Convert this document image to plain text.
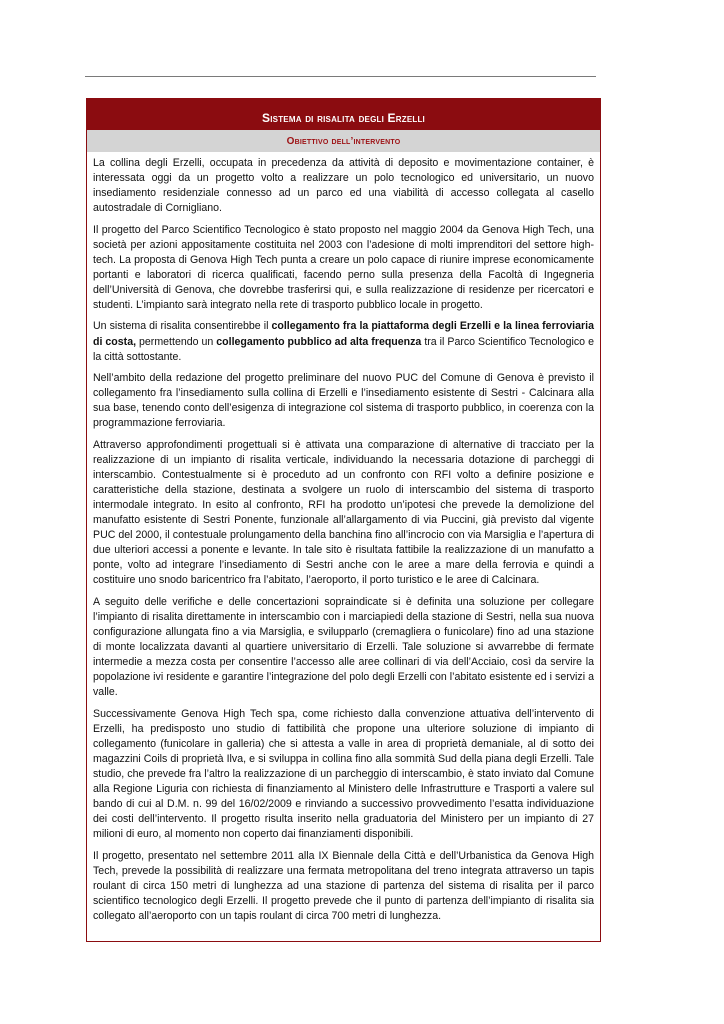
Sistema di risalita degli Erzelli
Obiettivo dell’intervento

La collina degli Erzelli, occupata in precedenza da attività di deposito e movimentazione container, è interessata oggi da un progetto volto a realizzare un polo tecnologico ed universitario, un nuovo insediamento residenziale connesso ad un parco ed una viabilità di accesso collegata al casello autostradale di Cornigliano.

Il progetto del Parco Scientifico Tecnologico è stato proposto nel maggio 2004 da Genova High Tech, una società per azioni appositamente costituita nel 2003 con l’adesione di molti imprenditori del settore high-tech. La proposta di Genova High Tech punta a creare un polo capace di riunire imprese economicamente portanti e laboratori di ricerca qualificati, facendo perno sulla presenza della Facoltà di Ingegneria dell’Università di Genova, che dovrebbe trasferirsi qui, e sulla realizzazione di residenze per ricercatori e studenti. L’impianto sarà integrato nella rete di trasporto pubblico locale in progetto.

Un sistema di risalita consentirebbe il collegamento fra la piattaforma degli Erzelli e la linea ferroviaria di costa, permettendo un collegamento pubblico ad alta frequenza tra il Parco Scientifico Tecnologico e la città sottostante.

Nell’ambito della redazione del progetto preliminare del nuovo PUC del Comune di Genova è previsto il collegamento fra l’insediamento sulla collina di Erzelli e l’insediamento esistente di Sestri - Calcinara alla sua base, tenendo conto dell’esigenza di integrazione col sistema di trasporto pubblico, in coerenza con la programmazione ferroviaria.

Attraverso approfondimenti progettuali si è attivata una comparazione di alternative di tracciato per la realizzazione di un impianto di risalita verticale, individuando la necessaria dotazione di parcheggi di interscambio. Contestualmente si è proceduto ad un confronto con RFI volto a definire posizione e caratteristiche della stazione, destinata a svolgere un ruolo di interscambio del sistema di trasporto intermodale integrato. In esito al confronto, RFI ha prodotto un’ipotesi che prevede la demolizione del manufatto esistente di Sestri Ponente, funzionale all’allargamento di via Puccini, già previsto dal vigente PUC del 2000, il contestuale prolungamento della banchina fino all’incrocio con via Marsiglia e l’apertura di due ulteriori accessi a ponente e levante. In tale sito è risultata fattibile la realizzazione di un manufatto a ponte, volto ad integrare l’insediamento di Sestri anche con le aree a mare della ferrovia e quindi a costituire uno snodo baricentrico fra l’abitato, l’aeroporto, il porto turistico e le aree di Calcinara.

A seguito delle verifiche e delle concertazioni sopraindicate si è definita una soluzione per collegare l’impianto di risalita direttamente in interscambio con i marciapiedi della stazione di Sestri, nella sua nuova configurazione allungata fino a via Marsiglia, e svilupparlo (cremagliera o funicolare) fino ad una stazione di monte localizzata davanti al quartiere universitario di Erzelli. Tale soluzione si avvarrebbe di fermate intermedie a mezza costa per consentire l’accesso alle aree collinari di via dell’Acciaio, così da servire la popolazione ivi residente e garantire l’integrazione del polo degli Erzelli con l’abitato esistente ed i servizi a valle.

Successivamente Genova High Tech spa, come richiesto dalla convenzione attuativa dell’intervento di Erzelli, ha predisposto uno studio di fattibilità che propone una ulteriore soluzione di impianto di collegamento (funicolare in galleria) che si attesta a valle in area di proprietà demaniale, al di sotto dei magazzini Coils di proprietà Ilva, e si sviluppa in collina fino alla sommità Sud della piana degli Erzelli. Tale studio, che prevede fra l’altro la realizzazione di un parcheggio di interscambio, è stato inviato dal Comune alla Regione Liguria con richiesta di finanziamento al Ministero delle Infrastrutture e Trasporti a valere sul bando di cui al D.M. n. 99 del 16/02/2009 e rinviando a successivo provvedimento l’esatta individuazione dei costi dell’intervento. Il progetto risulta inserito nella graduatoria del Ministero per un impianto di 27 milioni di euro, al momento non coperto dai finanziamenti disponibili.

Il progetto, presentato nel settembre 2011 alla IX Biennale della Città e dell’Urbanistica da Genova High Tech, prevede la possibilità di realizzare una fermata metropolitana del treno integrata attraverso un tapis roulant di circa 150 metri di lunghezza ad una stazione di partenza del sistema di risalita per il parco scientifico tecnologico degli Erzelli. Il progetto prevede che il punto di partenza dell’impianto di risalita sia collegato all’aeroporto con un tapis roulant di circa 700 metri di lunghezza.
